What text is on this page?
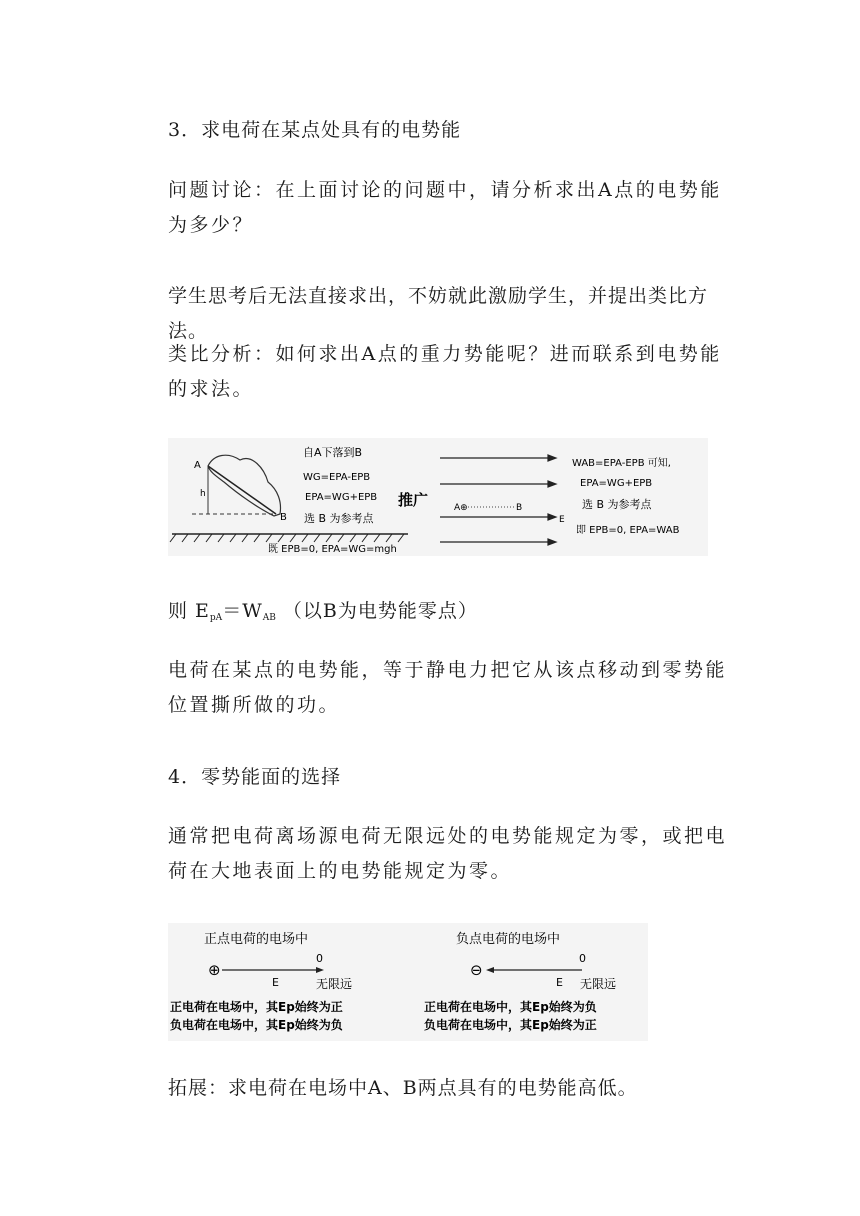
3．求电荷在某点处具有的电势能
问题讨论：在上面讨论的问题中，请分析求出A点的电势能为多少？
学生思考后无法直接求出，不妨就此激励学生，并提出类比方法。
类比分析：如何求出A点的重力势能呢？进而联系到电势能的求法。
A
h
B
自A下落到B
WG=EPA-EPB
EPA=WG+EPB
选 B 为参考点
既 EPB=0, EPA=WG=mgh
推广	A⊕	B
E
WAB=EPA-EPB 可知,
EPA=WG+EPB
选 B 为参考点
即 EPB=0, EPA=WAB
则 $E_{pA}=W_{AB}$ （以B为电势能零点）
电荷在某点的电势能，等于静电力把它从该点移动到零势能位置撕所做的功。
4．零势能面的选择
通常把电荷离场源电荷无限远处的电势能规定为零，或把电荷在大地表面上的电势能规定为零。
正点电荷的电场中
⊕
0
E	无限远
正电荷在电场中，其Ep始终为正
负电荷在电场中，其Ep始终为负
负点电荷的电场中
⊖
0
E 无限远
正电荷在电场中，其Ep始终为负
负电荷在电场中，其Ep始终为正
拓展：求电荷在电场中A、B两点具有的电势能高低。
